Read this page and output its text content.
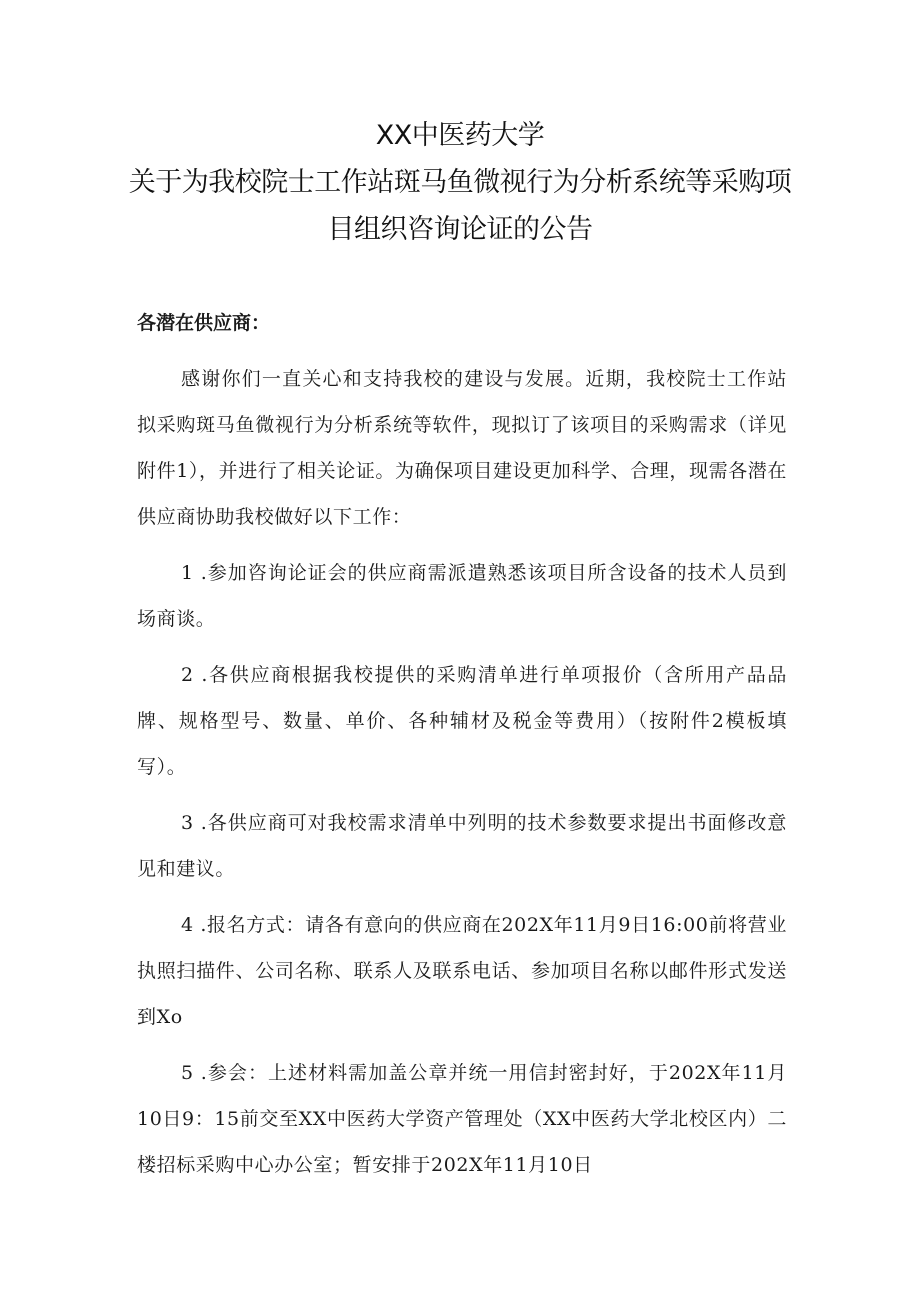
XX中医药大学
关于为我校院士工作站斑马鱼微视行为分析系统等采购项
目组织咨询论证的公告

各潜在供应商：

感谢你们一直关心和支持我校的建设与发展。近期，我校院士工作站拟采购斑马鱼微视行为分析系统等软件，现拟订了该项目的采购需求（详见附件1），并进行了相关论证。为确保项目建设更加科学、合理，现需各潜在供应商协助我校做好以下工作：

1 .参加咨询论证会的供应商需派遣熟悉该项目所含设备的技术人员到场商谈。

2 .各供应商根据我校提供的采购清单进行单项报价（含所用产品品牌、规格型号、数量、单价、各种辅材及税金等费用）（按附件2模板填写）。

3 .各供应商可对我校需求清单中列明的技术参数要求提出书面修改意见和建议。

4 .报名方式：请各有意向的供应商在202X年11月9日16:00前将营业执照扫描件、公司名称、联系人及联系电话、参加项目名称以邮件形式发送到Xo

5 .参会：上述材料需加盖公章并统一用信封密封好，于202X年11月10日9：15前交至XX中医药大学资产管理处（XX中医药大学北校区内）二楼招标采购中心办公室；暂安排于202X年11月10日
